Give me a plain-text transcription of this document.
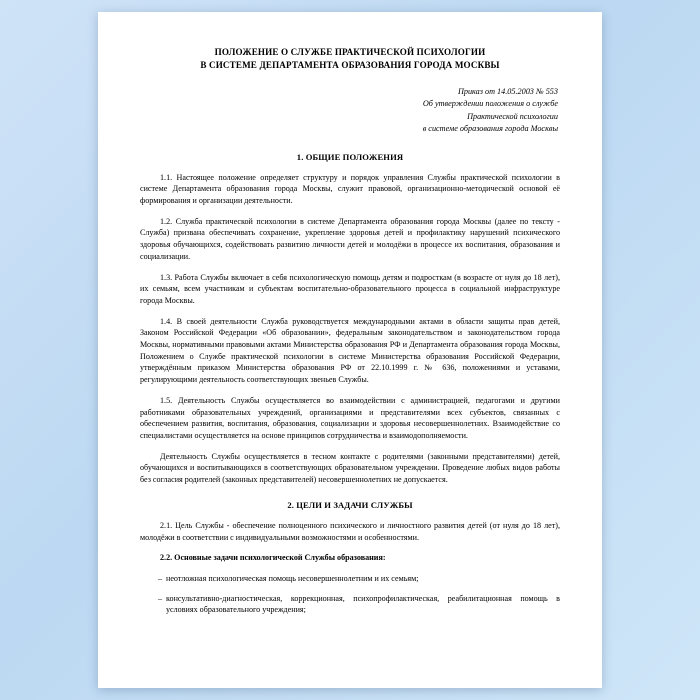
ПОЛОЖЕНИЕ О СЛУЖБЕ ПРАКТИЧЕСКОЙ ПСИХОЛОГИИ
В СИСТЕМЕ ДЕПАРТАМЕНТА ОБРАЗОВАНИЯ ГОРОДА МОСКВЫ
Приказ от 14.05.2003 № 553
Об утверждении положения о службе
Практической психологии
в системе образования города Москвы
1. ОБЩИЕ ПОЛОЖЕНИЯ

1.1. Настоящее положение определяет структуру и порядок управления Службы практической психологии в системе Департамента образования города Москвы, служит правовой, организационно-методической основой её формирования и организации деятельности.

1.2. Служба практической психологии в системе Департамента образования города Москвы (далее по тексту - Служба) призвана обеспечивать сохранение, укрепление здоровья детей и профилактику нарушений психического здоровья обучающихся, содействовать развитию личности детей и молодёжи в процессе их воспитания, образования и социализации.

1.3. Работа Службы включает в себя психологическую помощь детям и подросткам (в возрасте от нуля до 18 лет), их семьям, всем участникам и субъектам воспитательно-образовательного процесса в социальной инфраструктуре города Москвы.

1.4. В своей деятельности Служба руководствуется международными актами в области защиты прав детей, Законом Российской Федерации «Об образовании», федеральным законодательством и законодательством города Москвы, нормативными правовыми актами Министерства образования РФ и Департамента образования города Москвы, Положением о Службе практической психологии в системе Министерства образования Российской Федерации, утверждённым приказом Министерства образования РФ от 22.10.1999 г. № 636, положениями и уставами, регулирующими деятельность соответствующих звеньев Службы.

1.5. Деятельность Службы осуществляется во взаимодействии с администрацией, педагогами и другими работниками образовательных учреждений, организациями и представителями всех субъектов, связанных с обеспечением развития, воспитания, образования, социализации и здоровья несовершеннолетних. Взаимодействие со специалистами осуществляется на основе принципов сотрудничества и взаимодополняемости.

Деятельность Службы осуществляется в тесном контакте с родителями (законными представителями) детей, обучающихся и воспитывающихся в соответствующих образовательном учреждении. Проведение любых видов работы без согласия родителей (законных представителей) несовершеннолетних не допускается.

2. ЦЕЛИ И ЗАДАЧИ СЛУЖБЫ

2.1. Цель Службы - обеспечение полноценного психического и личностного развития детей (от нуля до 18 лет), молодёжи в соответствии с индивидуальными возможностями и особенностями.

2.2. Основные задачи психологической Службы образования:

– неотложная психологическая помощь несовершеннолетним и их семьям;
– консультативно-диагностическая, коррекционная, психопрофилактическая, реабилитационная помощь в условиях образовательного учреждения;
